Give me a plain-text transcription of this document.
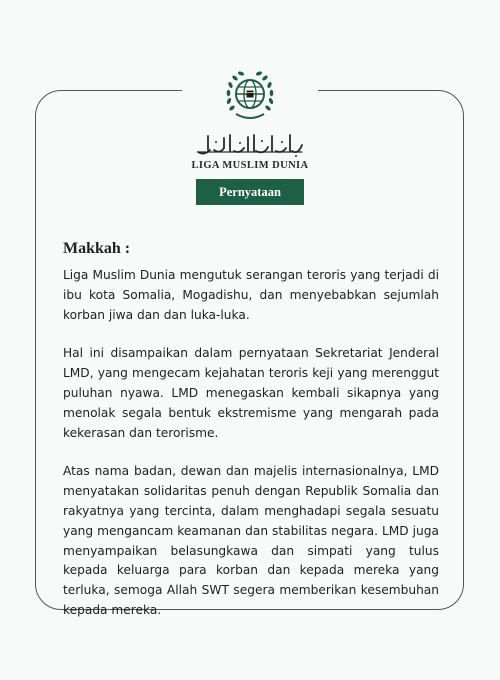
LIGA MUSLIM DUNIA
Pernyataan
Makkah :

Liga Muslim Dunia mengutuk serangan teroris yang terjadi di ibu kota Somalia, Mogadishu, dan menyebabkan sejumlah korban jiwa dan dan luka-luka.

Hal ini disampaikan dalam pernyataan Sekretariat Jenderal LMD, yang mengecam kejahatan teroris keji yang merenggut puluhan nyawa. LMD menegaskan kembali sikapnya yang menolak segala bentuk ekstremisme yang mengarah pada kekerasan dan terorisme.

Atas nama badan, dewan dan majelis internasionalnya, LMD menyatakan solidaritas penuh dengan Republik Somalia dan rakyatnya yang tercinta, dalam menghadapi segala sesuatu yang mengancam keamanan dan stabilitas negara. LMD juga menyampaikan belasungkawa dan simpati yang tulus kepada keluarga para korban dan kepada mereka yang terluka, semoga Allah SWT segera memberikan kesembuhan kepada mereka.
